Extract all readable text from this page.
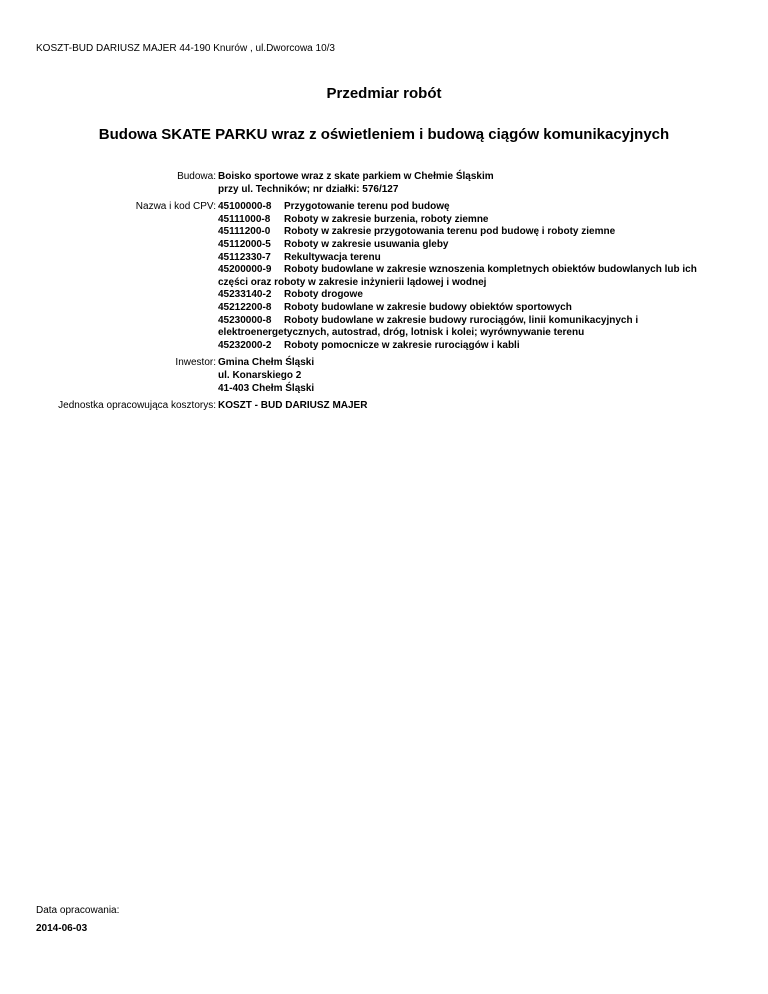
KOSZT-BUD DARIUSZ MAJER 44-190 Knurów , ul.Dworcowa 10/3
Przedmiar robót
Budowa SKATE PARKU wraz z oświetleniem i budową ciągów komunikacyjnych
Budowa: Boisko sportowe wraz z skate parkiem w Chełmie Śląskim
przy ul. Techników; nr działki: 576/127
Nazwa i kod CPV: 45100000-8 Przygotowanie terenu pod budowę
45111000-8 Roboty w zakresie burzenia, roboty ziemne
45111200-0 Roboty w zakresie przygotowania terenu pod budowę i roboty ziemne
45112000-5 Roboty w zakresie usuwania gleby
45112330-7 Rekultywacja terenu
45200000-9 Roboty budowlane w zakresie wznoszenia kompletnych obiektów budowlanych lub ich części oraz roboty w zakresie inżynierii lądowej i wodnej
45233140-2 Roboty drogowe
45212200-8 Roboty budowlane w zakresie budowy obiektów sportowych
45230000-8 Roboty budowlane w zakresie budowy rurociągów, linii komunikacyjnych i elektroenergetycznych, autostrad, dróg, lotnisk i kolei; wyrównywanie terenu
45232000-2 Roboty pomocnicze w zakresie rurociągów i kabli
Inwestor: Gmina Chełm Śląski
ul. Konarskiego 2
41-403 Chełm Śląski
Jednostka opracowująca kosztorys: KOSZT - BUD DARIUSZ MAJER
Data opracowania:
2014-06-03
